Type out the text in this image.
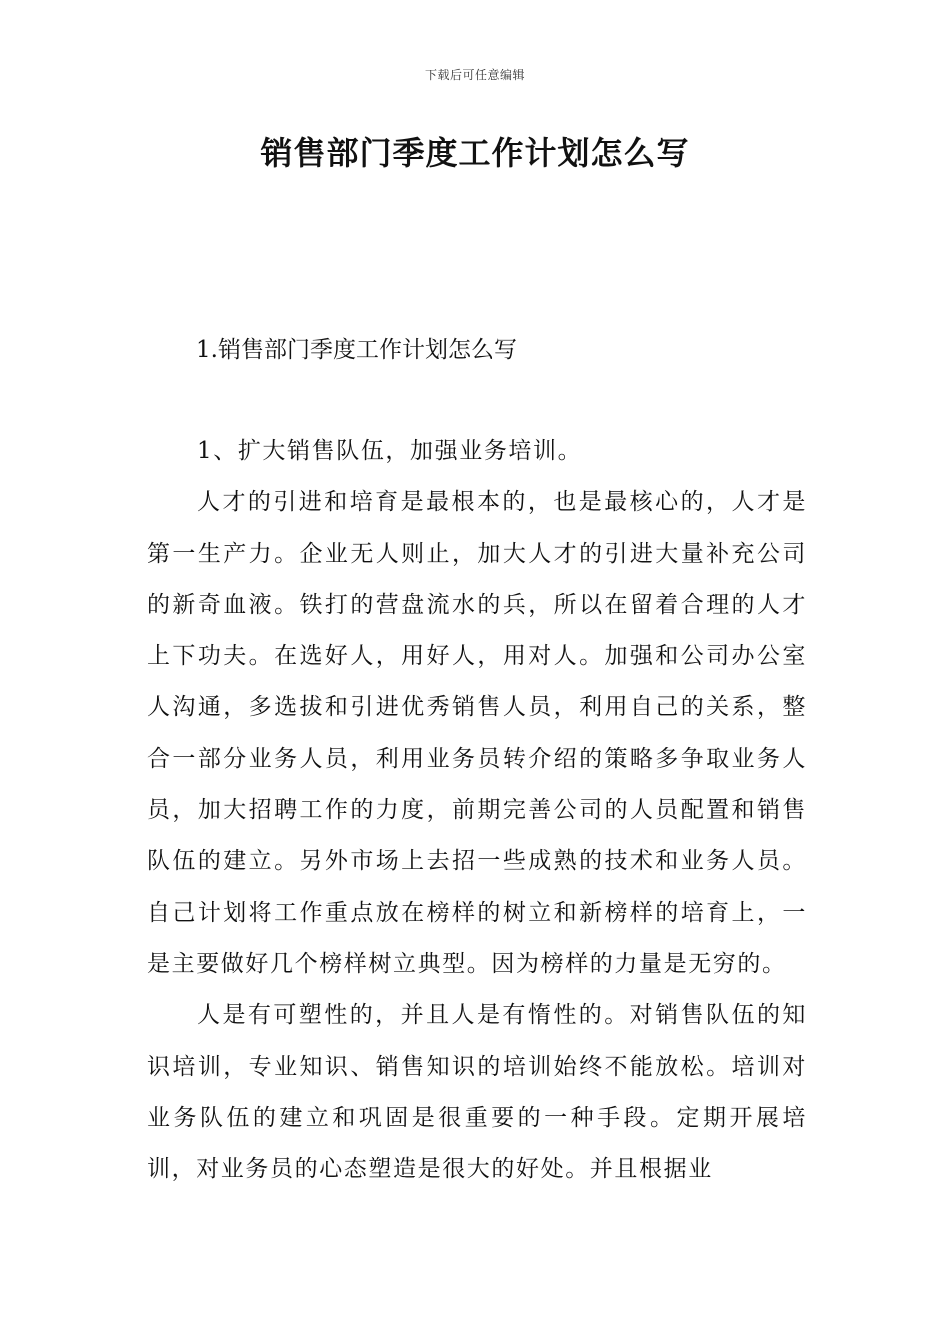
下载后可任意编辑
销售部门季度工作计划怎么写

1.销售部门季度工作计划怎么写

1、扩大销售队伍，加强业务培训。

人才的引进和培育是最根本的，也是最核心的，人才是第一生产力。企业无人则止，加大人才的引进大量补充公司的新奇血液。铁打的营盘流水的兵，所以在留着合理的人才上下功夫。在选好人，用好人，用对人。加强和公司办公室人沟通，多选拔和引进优秀销售人员，利用自己的关系，整合一部分业务人员，利用业务员转介绍的策略多争取业务人员，加大招聘工作的力度，前期完善公司的人员配置和销售队伍的建立。另外市场上去招一些成熟的技术和业务人员。自己计划将工作重点放在榜样的树立和新榜样的培育上，一是主要做好几个榜样树立典型。因为榜样的力量是无穷的。

人是有可塑性的，并且人是有惰性的。对销售队伍的知识培训，专业知识、销售知识的培训始终不能放松。培训对业务队伍的建立和巩固是很重要的一种手段。定期开展培训，对业务员的心态塑造是很大的好处。并且根据业
